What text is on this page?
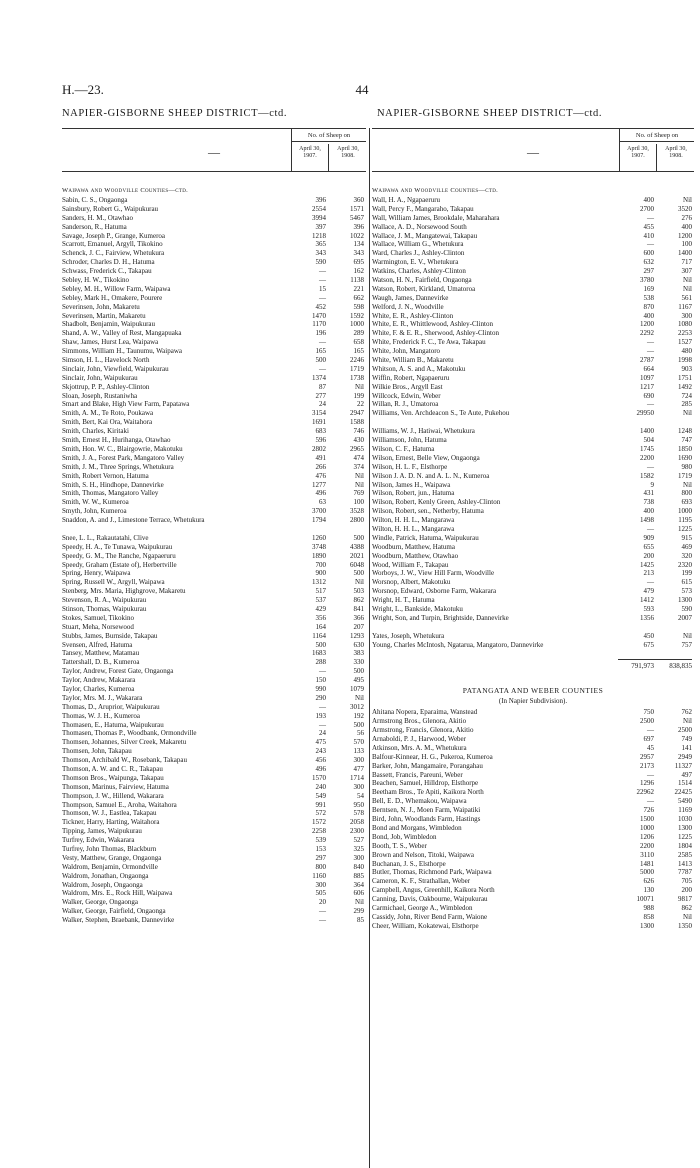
H.—23.	44
NAPIER-GISBORNE SHEEP DISTRICT—ctd.	NAPIER-GISBORNE SHEEP DISTRICT—ctd.
—
No. of Sheep on
April 30, 1907.
April 30, 1908.
Waipawa and Woodville Counties—ctd.
Sabin, C. S., Ongaonga	396	360
Sainsbury, Robert G., Waipukurau	2554	1571
Sanders, H. M., Otawhao	3994	5467
Sanderson, R., Hatuma	397	396
Savage, Joseph P., Grange, Kumeroa	1218	1022
Scarrott, Emanuel, Argyll, Tikokino	365	134
Schenck, J. C., Fairview, Whetukura	343	343
Schroder, Charles D. H., Hatuma	590	695
Schwass, Frederick C., Takapau	—	162
Sebley, H. W., Tikokino	—	1138
Sebley, M. H., Willow Farm, Waipawa	15	221
Sebley, Mark H., Omakere, Pourere	—	662
Severinsen, John, Makaretu	452	598
Severinsen, Martin, Makaretu	1470	1592
Shadbolt, Benjamin, Waipukurau	1170	1000
Shand, A. W., Valley of Rest, Mangapuaka	196	289
Shaw, James, Hurst Lea, Waipawa	—	658
Simmons, William H., Taunumu, Waipawa	165	165
Simson, H. L., Havelock North	500	2246
Sinclair, John, Viewfield, Waipukurau	—	1719
Sinclair, John, Waipukurau	1374	1738
Skjottrup, P. P., Ashley-Clinton	87	Nil
Sloan, Joseph, Rustaniwha	277	199
Smart and Blake, High View Farm, Papatawa	24	22
Smith, A. M., Te Roto, Poukawa	3154	2947
Smith, Bert, Kai Ora, Waitahora	1691	1588
Smith, Charles, Kiritaki	683	746
Smith, Ernest H., Hurihanga, Otawhao	596	430
Smith, Hon. W. C., Blairgowrie, Makotuku	2802	2965
Smith, J. A., Forest Park, Mangatoro Valley	491	474
Smith, J. M., Three Springs, Whetukura	266	374
Smith, Robert Vernon, Hatuma	476	Nil
Smith, S. H., Hindhope, Dannevirke	1277	Nil
Smith, Thomas, Mangatoro Valley	496	769
Smith, W. W., Kumeroa	63	100
Smyth, John, Kumeroa	3700	3528
Snaddon, A. and J., Limestone Terrace, Whetukura	1794	2800
Snee, L. L., Rakautatahi, Clive	1260	500
Speedy, H. A., Te Tunawa, Waipukurau	3748	4388
Speedy, G. M., The Ranche, Ngapaeruru	1890	2021
Speedy, Graham (Estate of), Herbertville	700	6048
Spring, Henry, Waipawa	900	500
Spring, Russell W., Argyll, Waipawa	1312	Nil
Stenberg, Mrs. Maria, Highgrove, Makaretu	517	503
Stevenson, R. A., Waipukurau	537	862
Stinson, Thomas, Waipukurau	429	841
Stokes, Samuel, Tikokino	356	366
Stuart, Meha, Norsewood	164	207
Stubbs, James, Burnside, Takapau	1164	1293
Svensen, Alfred, Hatuma	500	630
Tansey, Matthew, Matamau	1683	383
Tattershall, D. B., Kumeroa	288	330
Taylor, Andrew, Forest Gate, Ongaonga	—	500
Taylor, Andrew, Makarara	150	495
Taylor, Charles, Kumeroa	990	1079
Taylor, Mrs. M. J., Wakarara	290	Nil
Thomas, D., Aruprior, Waipukurau	—	3012
Thomas, W. J. H., Kumeroa	193	192
Thomasen, E., Hatuma, Waipukurau	—	500
Thomasen, Thomas P., Woodbank, Ormondville	24	56
Thomsen, Johannes, Silver Creek, Makaretu	475	570
Thomsen, John, Takapau	243	133
Thomson, Archibald W., Rosebank, Takapau	456	300
Thomson, A. W. and C. R., Takapau	496	477
Thomson Bros., Waipunga, Takapau	1570	1714
Thomson, Marinus, Fairview, Hatuma	240	300
Thompson, J. W., Hillend, Wakarara	549	54
Thompson, Samuel E., Aroha, Waitahora	991	950
Thomson, W. J., Eastlea, Takapau	572	578
Tickner, Harry, Harting, Waitahora	1572	2058
Tipping, James, Waipukurau	2258	2300
Turfrey, Edwin, Wakarara	539	527
Turfrey, John Thomas, Blackburn	153	325
Vesty, Matthew, Grange, Ongaonga	297	300
Waldrom, Benjamin, Ormondville	800	840
Waldrom, Jonathan, Ongaonga	1160	885
Waldrom, Joseph, Ongaonga	300	364
Waldrom, Mrs. E., Rock Hill, Waipawa	505	606
Walker, George, Ongaonga	20	Nil
Walker, George, Fairfield, Ongaonga	—	299
Walker, Stephen, Braebank, Dannevirke	—	85
—
No. of Sheep on
April 30, 1907.
April 30, 1908.
Waipawa and Woodville Counties—ctd.
Wall, H. A., Ngapaeruru	400	Nil
Wall, Percy F., Mangaraho, Takapau	2700	3520
Wall, William James, Brookdale, Maharahara	—	276
Wallace, A. D., Norsewood South	455	400
Wallace, J. M., Mangatewai, Takapau	410	1200
Wallace, William G., Whetukura	—	100
Ward, Charles J., Ashley-Clinton	600	1400
Warmington, E. V., Whetukura	632	717
Watkins, Charles, Ashley-Clinton	297	307
Watson, H. N., Fairfield, Ongaonga	3780	Nil
Watson, Robert, Kirkland, Umatoroa	169	Nil
Waugh, James, Dannevirke	538	561
Welford, J. N., Woodville	870	1167
White, E. R., Ashley-Clinton	400	300
White, E. R., Whittlewood, Ashley-Clinton	1200	1080
White, F. & E. R., Sherwood, Ashley-Clinton	2292	2253
White, Frederick F. C., Te Awa, Takapau	—	1527
White, John, Mangatoro	—	480
White, William B., Makaretu	2787	1998
Whitson, A. S. and A., Makotuku	664	903
Wiffin, Robert, Ngapaeruru	1097	1751
Wilkie Bros., Argyll East	1217	1492
Willcock, Edwin, Weber	690	724
Willan, R. J., Umatoroa	—	285
Williams, Ven. Archdeacon S., Te Aute, Pukehou	29950	Nil
Williams, W. J., Hatiwai, Whetukura	1400	1248
Williamson, John, Hatuma	504	747
Wilson, C. F., Hatuma	1745	1850
Wilson, Ernest, Belle View, Ongaonga	2200	1690
Wilson, H. L. F., Elsthorpe	—	980
Wilson J. A. D. N. and A. L. N., Kumeroa	1582	1719
Wilson, James H., Waipawa	9	Nil
Wilson, Robert, jun., Hatuma	431	800
Wilson, Robert, Kenly Green, Ashley-Clinton	738	693
Wilson, Robert, sen., Netherby, Hatuma	400	1000
Wilton, H. H. L., Mangarawa	1498	1195
Wilton, H. H. L., Mangarawa	—	1225
Windle, Patrick, Hatuma, Waipukurau	909	915
Woodburn, Matthew, Hatuma	655	469
Woodburn, Matthew, Otawhao	200	320
Wood, William F., Takapau	1425	2320
Worboys, J. W., View Hill Farm, Woodville	213	199
Worsnop, Albert, Makotuku	—	615
Worsnop, Edward, Osborne Farm, Wakarara	479	573
Wright, H. T., Hatuma	1412	1300
Wright, L., Bankside, Makotuku	593	590
Wright, Son, and Turpin, Brightside, Dannevirke	1356	2007
Yates, Joseph, Whetukura	450	Nil
Young, Charles McIntosh, Ngatarua, Mangatoro, Dannevirke	675	757
791,973	838,835
PATANGATA AND WEBER COUNTIES
(In Napier Subdivision).
Ahitana Nopera, Eparaima, Wanstead	750	762
Armstrong Bros., Glenora, Akitio	2500	Nil
Armstrong, Francis, Glenora, Akitio	—	2500
Arnaboldi, P. J., Harwood, Weber	697	749
Atkinson, Mrs. A. M., Whetukura	45	141
Balfour-Kinnear, H. G., Pukeroa, Kumeroa	2957	2949
Barker, John, Mangamaire, Porangahau	2173	11327
Bassett, Francis, Pareuni, Weber	—	497
Beachen, Samuel, Hilldrop, Elsthorpe	1296	1514
Beetham Bros., Te Apiti, Kaikora North	22962	22425
Bell, E. D., Whemakou, Waipawa	—	5490
Berntsen, N. J., Moen Farm, Waipatiki	726	1169
Bird, John, Woodlands Farm, Hastings	1500	1030
Bond and Morgans, Wimbledon	1000	1300
Bond, Job, Wimbledon	1206	1225
Booth, T. S., Weber	2200	1804
Brown and Nelson, Titoki, Waipawa	3110	2585
Buchanan, J. S., Elsthorpe	1481	1413
Butler, Thomas, Richmond Park, Waipawa	5000	7787
Cameron, K. F., Strathallan, Weber	626	705
Campbell, Angus, Greenhill, Kaikora North	130	200
Canning, Davis, Oakbourne, Waipukurau	10071	9817
Carmichael, George A., Wimbledon	988	862
Cassidy, John, River Bend Farm, Waione	858	Nil
Cheer, William, Kokatewai, Elsthorpe	1300	1350
